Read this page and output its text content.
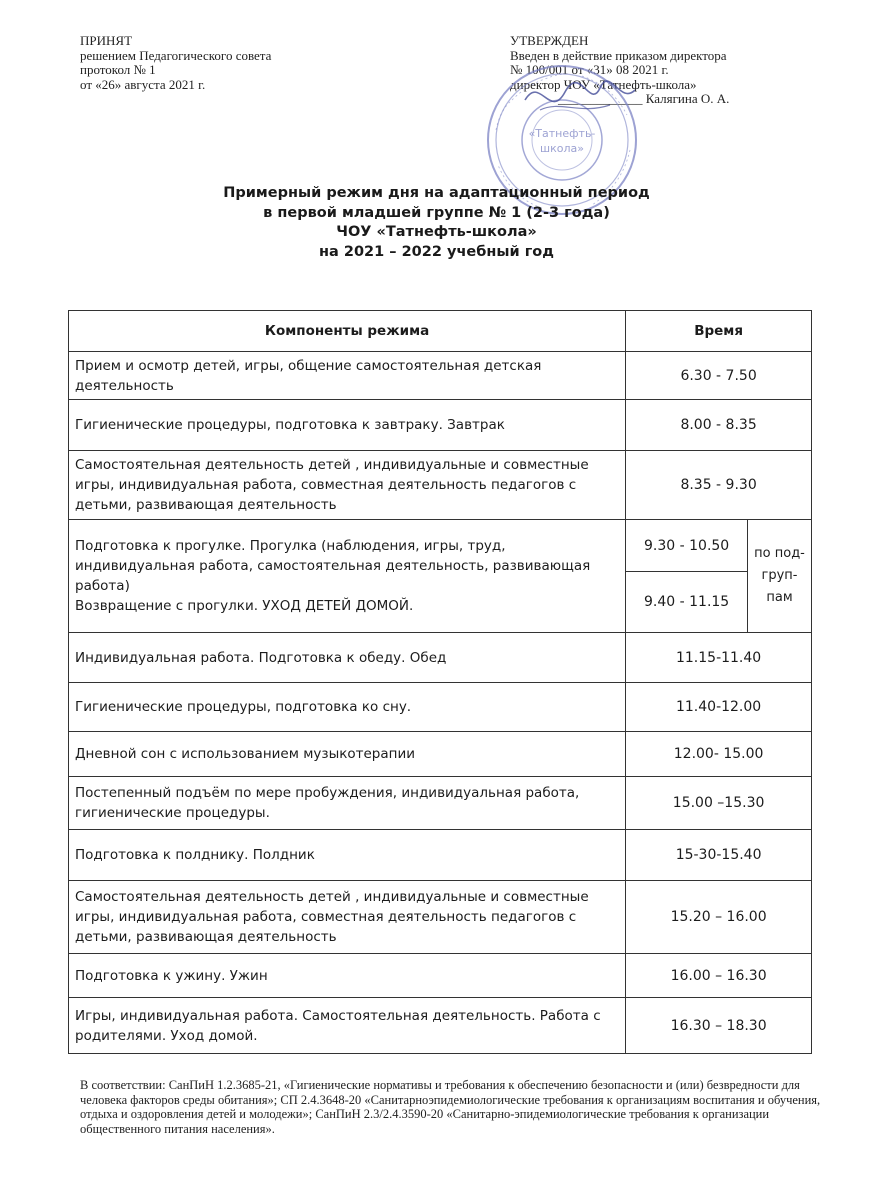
ПРИНЯТ
решением Педагогического совета
протокол № 1
от «26» августа 2021 г.
УТВЕРЖДЕН
Введен в действие приказом директора
№ 100/001 от «31» 08 2021 г.
директор ЧОУ «Татнефть-школа»
_____________ Калягина О. А.
«Татнефть-
школа»
Примерный режим дня на адаптационный период
в первой младшей группе № 1 (2-3 года)
ЧОУ «Татнефть-школа»
на 2021 – 2022 учебный год
Компоненты режима	Время	
Прием и осмотр детей, игры, общение самостоятельная детская деятельность	6.30 - 7.50	
Гигиенические процедуры, подготовка к завтраку. Завтрак	8.00 - 8.35	
Самостоятельная деятельность детей , индивидуальные и совместные игры, индивидуальная работа, совместная деятельность педагогов с детьми, развивающая деятельность	8.35 - 9.30	

Подготовка к прогулке. Прогулка (наблюдения, игры, труд, индивидуальная работа, самостоятельная деятельность, развивающая работа)
Возвращение с прогулки. УХОД ДЕТЕЙ ДОМОЙ.	9.30 - 10.50	по под-груп-пам
	9.40 - 11.15	
Индивидуальная работа. Подготовка к обеду. Обед	11.15-11.40	
Гигиенические процедуры, подготовка ко сну.	11.40-12.00	
Дневной сон с использованием музыкотерапии	12.00- 15.00	
Постепенный подъём по мере пробуждения, индивидуальная работа, гигиенические процедуры.	15.00 –15.30	
Подготовка к полднику. Полдник	15-30-15.40	
Самостоятельная деятельность детей , индивидуальные и совместные игры, индивидуальная работа, совместная деятельность педагогов с детьми, развивающая деятельность	15.20 – 16.00	
Подготовка к ужину. Ужин	16.00 – 16.30	
Игры, индивидуальная работа. Самостоятельная деятельность. Работа с родителями. Уход домой.	16.30 – 18.30	
В соответствии: СанПиН 1.2.3685-21, «Гигиенические нормативы и требования к обеспечению безопасности и (или) безвредности для человека факторов среды обитания»; СП 2.4.3648-20 «Санитарноэпидемиологические требования к организациям воспитания и обучения, отдыха и оздоровления детей и молодежи»; СанПиН 2.3/2.4.3590-20 «Санитарно-эпидемиологические требования к организации общественного питания населения».
